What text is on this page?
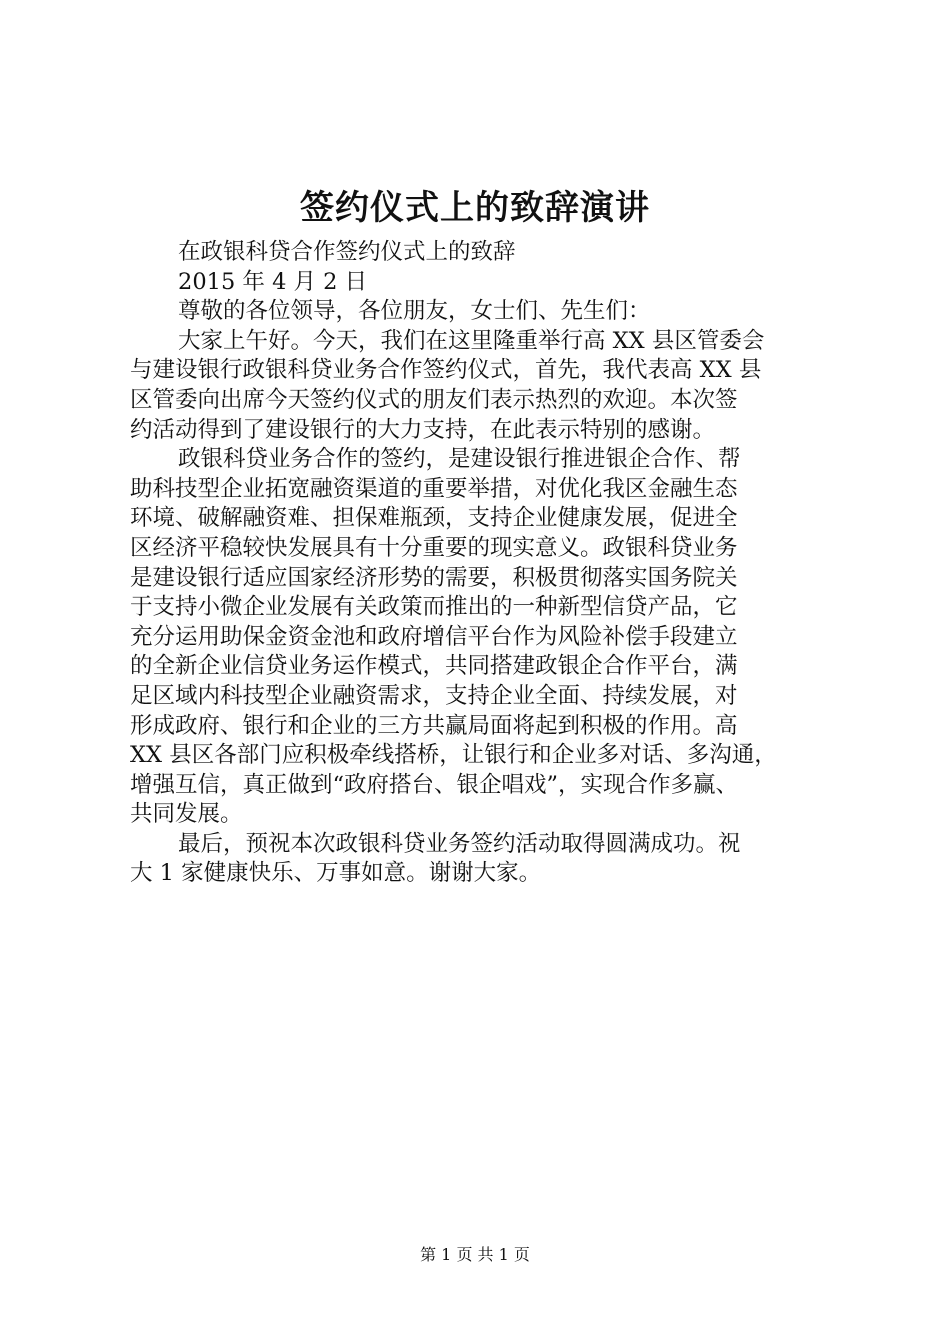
签约仪式上的致辞演讲
在政银科贷合作签约仪式上的致辞
2015 年 4 月 2 日
尊敬的各位领导，各位朋友，女士们、先生们：
大家上午好。今天，我们在这里隆重举行高 XX 县区管委会
与建设银行政银科贷业务合作签约仪式，首先，我代表高 XX 县
区管委向出席今天签约仪式的朋友们表示热烈的欢迎。本次签
约活动得到了建设银行的大力支持，在此表示特别的感谢。
政银科贷业务合作的签约，是建设银行推进银企合作、帮
助科技型企业拓宽融资渠道的重要举措，对优化我区金融生态
环境、破解融资难、担保难瓶颈，支持企业健康发展，促进全
区经济平稳较快发展具有十分重要的现实意义。政银科贷业务
是建设银行适应国家经济形势的需要，积极贯彻落实国务院关
于支持小微企业发展有关政策而推出的一种新型信贷产品，它
充分运用助保金资金池和政府增信平台作为风险补偿手段建立
的全新企业信贷业务运作模式，共同搭建政银企合作平台，满
足区域内科技型企业融资需求，支持企业全面、持续发展，对
形成政府、银行和企业的三方共赢局面将起到积极的作用。高
XX 县区各部门应积极牵线搭桥，让银行和企业多对话、多沟通，
增强互信，真正做到“政府搭台、银企唱戏”，实现合作多赢、
共同发展。
最后，预祝本次政银科贷业务签约活动取得圆满成功。祝
大 1 家健康快乐、万事如意。谢谢大家。
第 1 页 共 1 页
